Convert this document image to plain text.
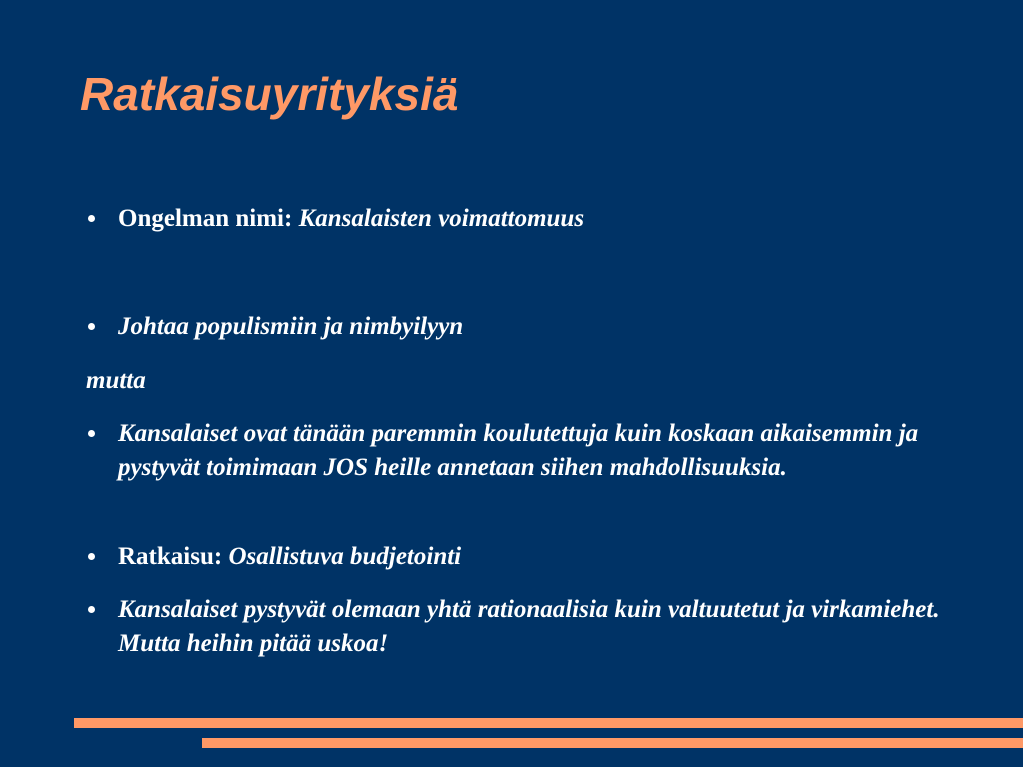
Ratkaisuyrityksiä
Ongelman nimi: Kansalaisten voimattomuus
Johtaa populismiin ja nimbyilyyn
mutta
Kansalaiset ovat tänään paremmin koulutettuja kuin koskaan aikaisemmin ja pystyvät toimimaan JOS heille annetaan siihen mahdollisuuksia.
Ratkaisu: Osallistuva budjetointi
Kansalaiset pystyvät olemaan yhtä rationaalisia kuin valtuutetut ja virkamiehet. Mutta heihin pitää uskoa!
